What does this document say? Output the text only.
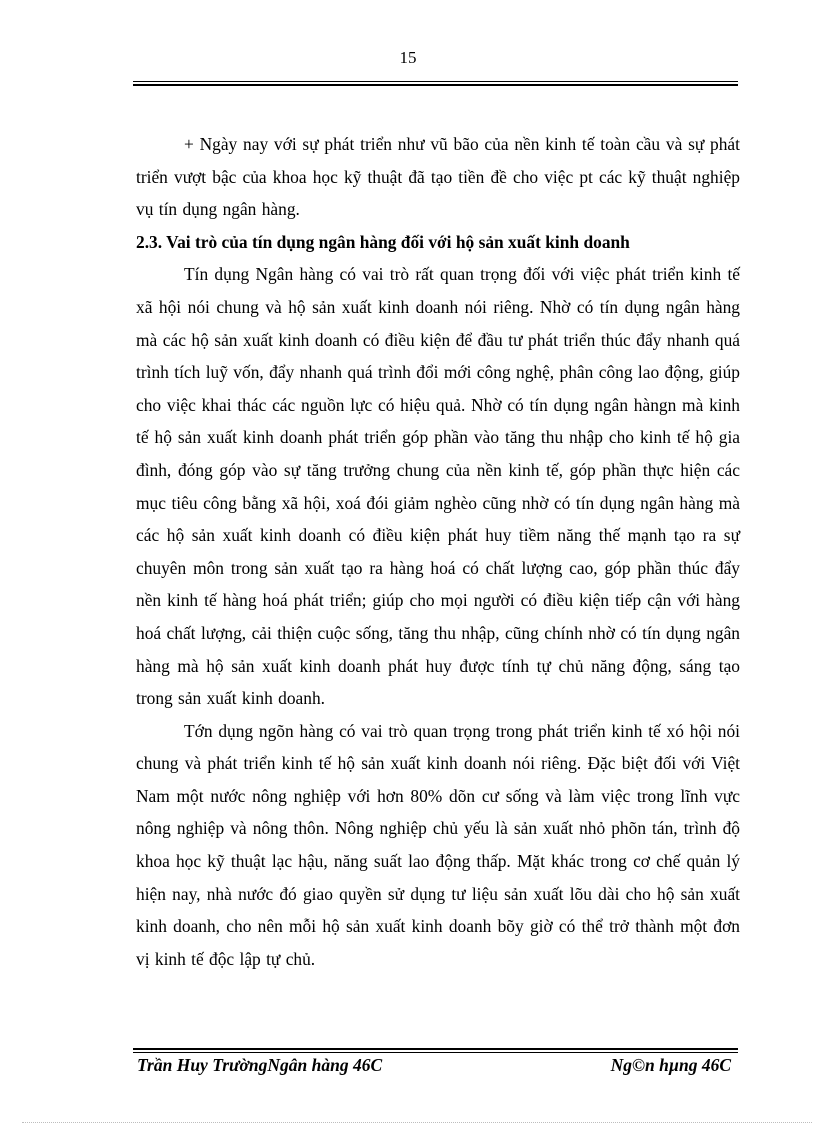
15

+ Ngày nay với sự phát triển như vũ bão của nền kinh tế toàn cầu và sự phát triển vượt bậc của khoa học kỹ thuật đã tạo tiền đề cho việc pt các kỹ thuật nghiệp vụ tín dụng ngân hàng.

2.3. Vai trò của tín dụng ngân hàng đối với hộ sản xuất kinh doanh

Tín dụng Ngân hàng có vai trò rất quan trọng đối với việc phát triển kinh tế xã hội nói chung và hộ sản xuất kinh doanh nói riêng. Nhờ có tín dụng ngân hàng mà các hộ sản xuất kinh doanh có điều kiện để đầu tư phát triển thúc đẩy nhanh quá trình tích luỹ vốn, đẩy nhanh quá trình đổi mới công nghệ, phân công lao động, giúp cho việc khai thác các nguồn lực có hiệu quả. Nhờ có tín dụng ngân hàngn mà kinh tế hộ sản xuất kinh doanh phát triển góp phần vào tăng thu nhập cho kinh tế hộ gia đình, đóng góp vào sự tăng trưởng chung của nền kinh tế, góp phần thực hiện các mục tiêu công bằng xã hội, xoá đói giảm nghèo cũng nhờ có tín dụng ngân hàng mà các hộ sản xuất kinh doanh có điều kiện phát huy tiềm năng thế mạnh tạo ra sự chuyên môn trong sản xuất tạo ra hàng hoá có chất lượng cao, góp phần thúc đẩy nền kinh tế hàng hoá phát triển; giúp cho mọi người có điều kiện tiếp cận với hàng hoá chất lượng, cải thiện cuộc sống, tăng thu nhập, cũng chính nhờ có tín dụng ngân hàng mà hộ sản xuất kinh doanh phát huy được tính tự chủ năng động, sáng tạo trong sản xuất kinh doanh.

Tớn dụng ngõn hàng có vai trò quan trọng trong phát triển kinh tế xó hội nói chung và phát triển kinh tế hộ sản xuất kinh doanh nói riêng. Đặc biệt đối với Việt Nam một nước nông nghiệp với hơn 80% dõn cư sống và làm việc trong lĩnh vực nông nghiệp và nông thôn. Nông nghiệp chủ yếu là sản xuất nhỏ phõn tán, trình độ khoa học kỹ thuật lạc hậu, năng suất lao động thấp. Mặt khác trong cơ chế quản lý hiện nay, nhà nước đó giao quyền sử dụng tư liệu sản xuất lõu dài cho hộ sản xuất kinh doanh, cho nên mỗi hộ sản xuất kinh doanh bõy giờ có thể trở thành một đơn vị kinh tế độc lập tự chủ.

Trần Huy TrườngNgân hàng 46C	Ng©n hµng 46C
